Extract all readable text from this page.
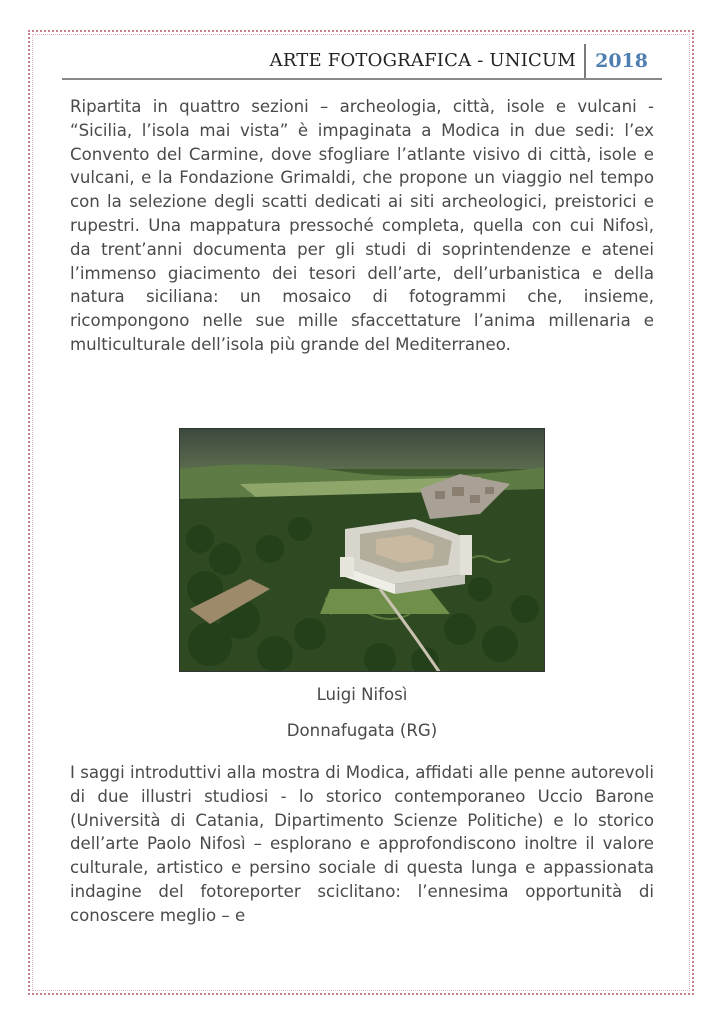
ARTE FOTOGRAFICA - UNICUM 2018

Ripartita in quattro sezioni – archeologia, città, isole e vulcani - “Sicilia, l’isola mai vista” è impaginata a Modica in due sedi: l’ex Convento del Carmine, dove sfogliare l’atlante visivo di città, isole e vulcani, e la Fondazione Grimaldi, che propone un viaggio nel tempo con la selezione degli scatti dedicati ai siti archeologici, preistorici e rupestri. Una mappatura pressoché completa, quella con cui Nifosì, da trent’anni documenta per gli studi di soprintendenze e atenei l’immenso giacimento dei tesori dell’arte, dell’urbanistica e della natura siciliana: un mosaico di fotogrammi che, insieme, ricompongono nelle sue mille sfaccettature l’anima millenaria e multiculturale dell’isola più grande del Mediterraneo.

Luigi Nifosì
Donnafugata (RG)

I saggi introduttivi alla mostra di Modica, affidati alle penne autorevoli di due illustri studiosi - lo storico contemporaneo Uccio Barone (Università di Catania, Dipartimento Scienze Politiche) e lo storico dell’arte Paolo Nifosì – esplorano e approfondiscono inoltre il valore culturale, artistico e persino sociale di questa lunga e appassionata indagine del fotoreporter sciclitano: l’ennesima opportunità di conoscere meglio – e
